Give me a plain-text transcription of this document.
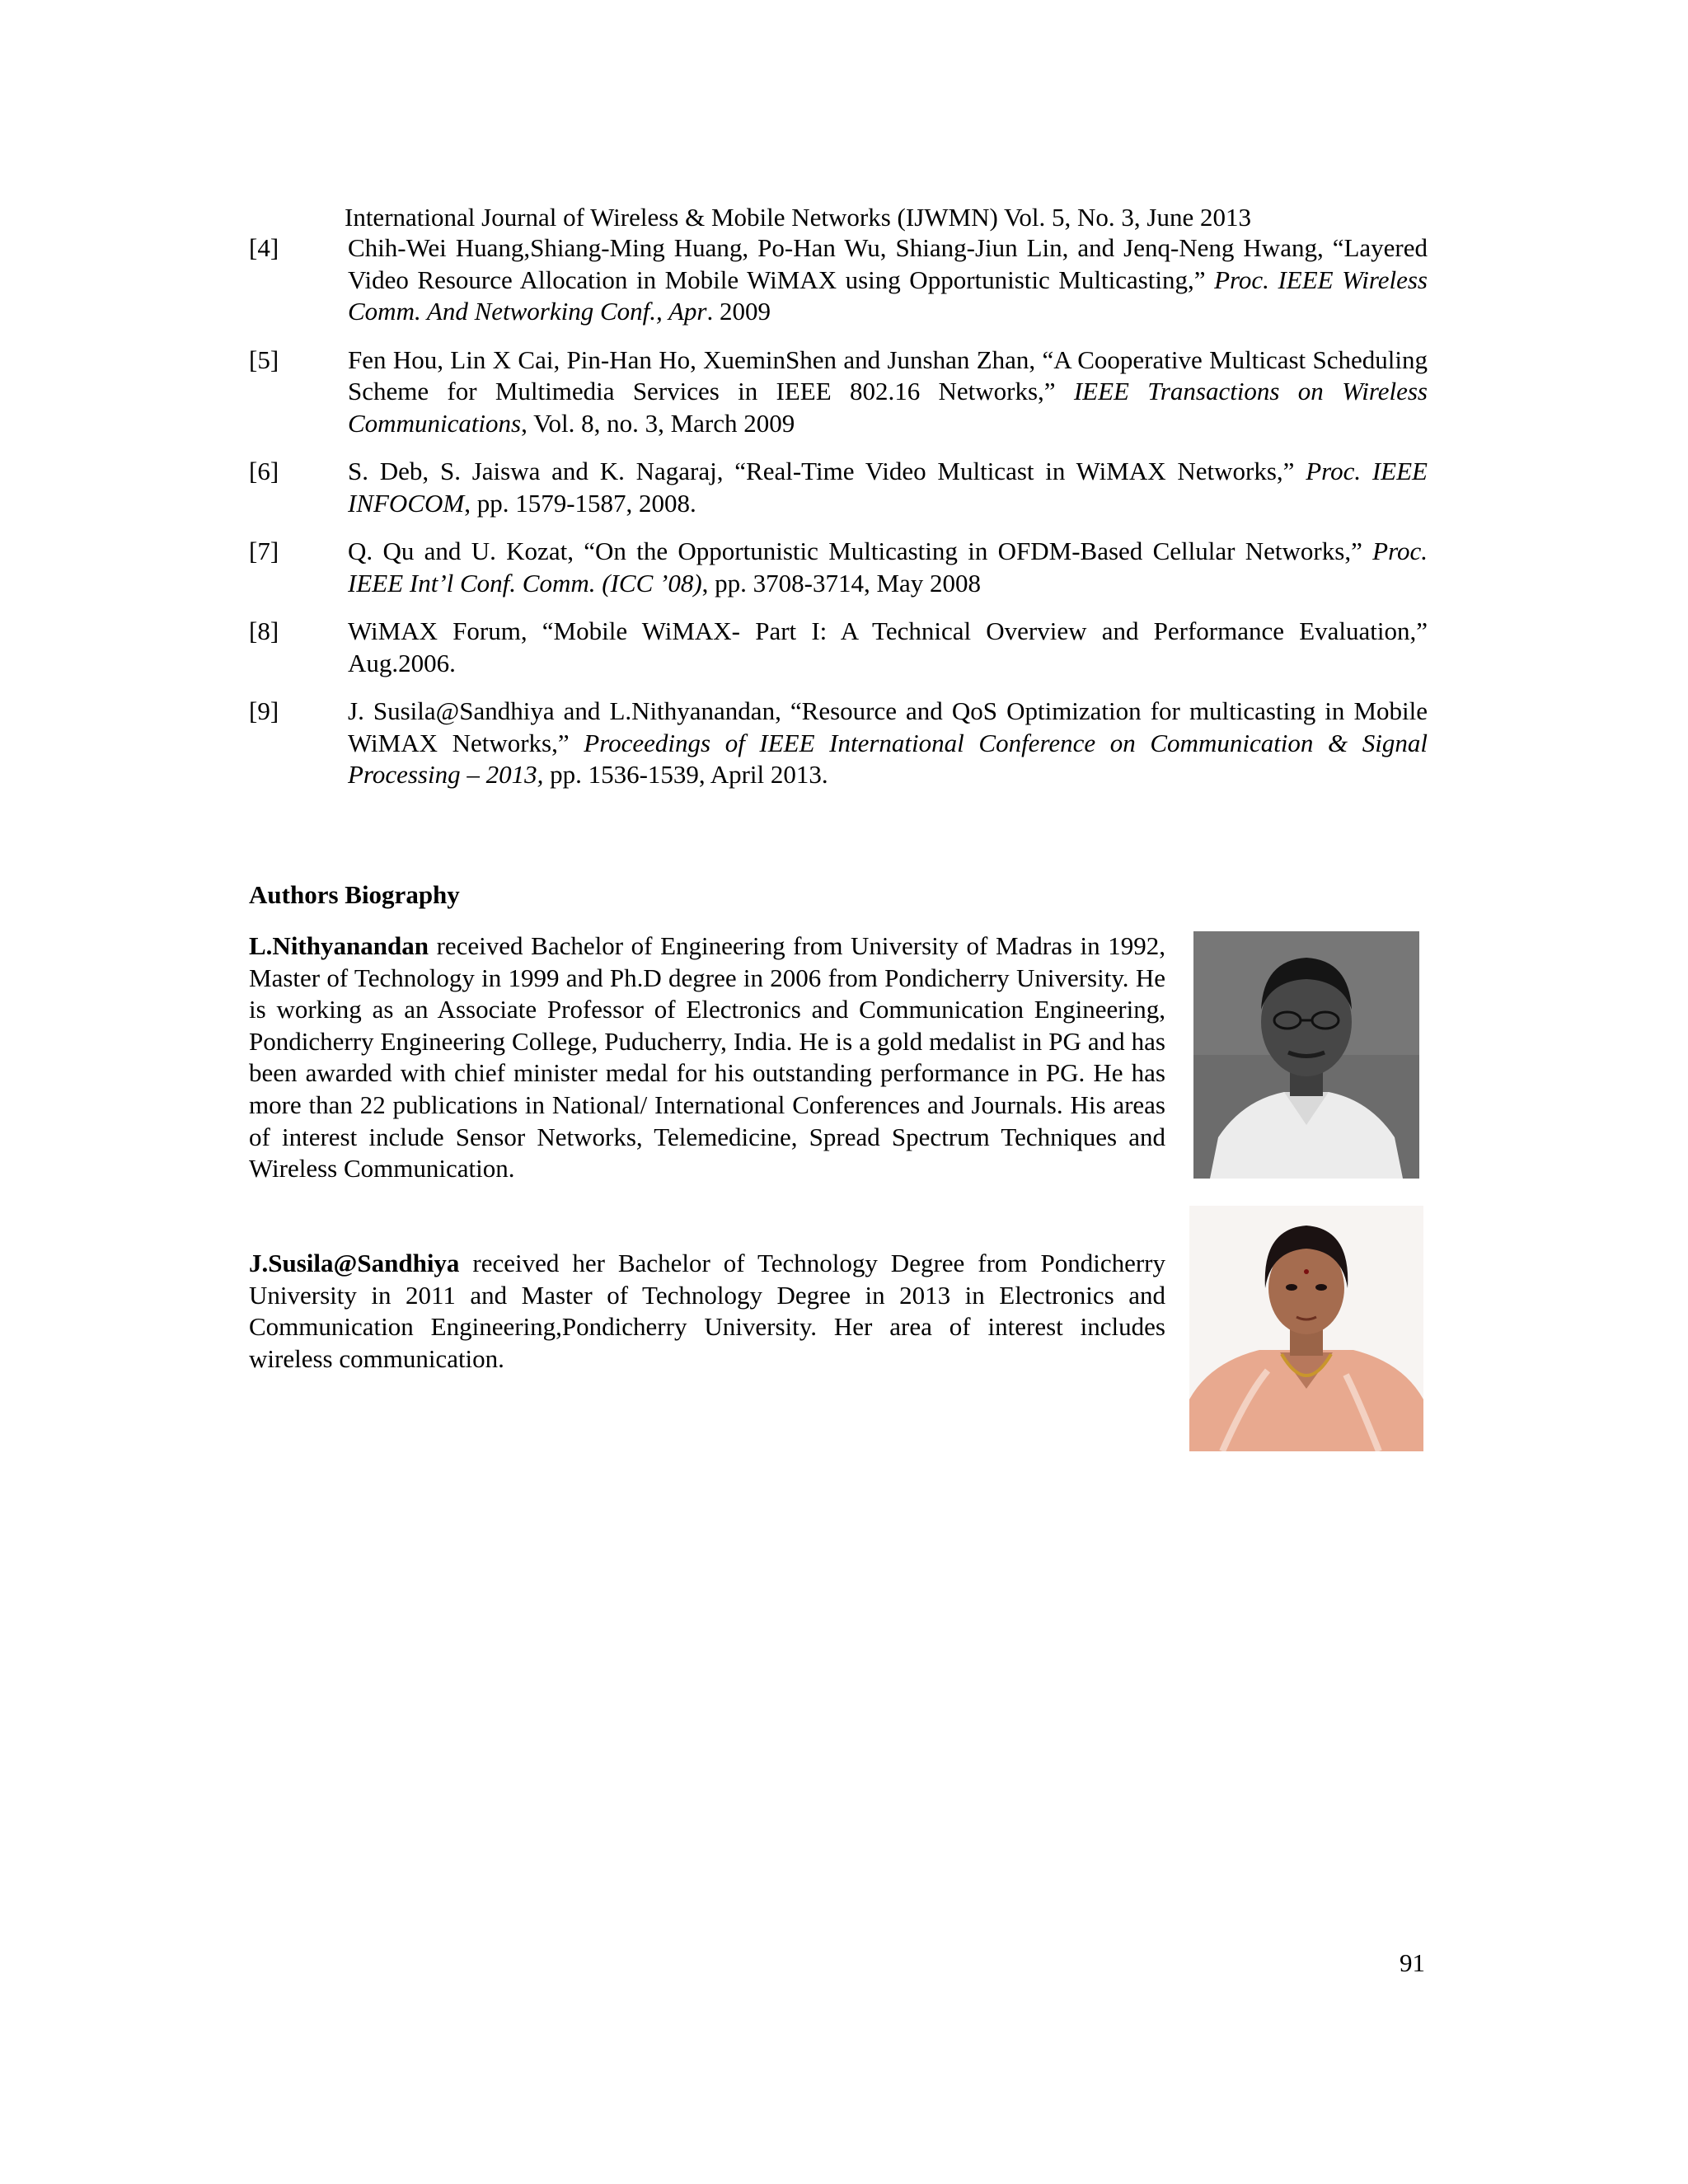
International Journal of Wireless & Mobile Networks (IJWMN) Vol. 5, No. 3, June 2013
[4]	Chih-Wei Huang,Shiang-Ming Huang, Po-Han Wu, Shiang-Jiun Lin, and Jenq-Neng Hwang, “Layered Video Resource Allocation in Mobile WiMAX using Opportunistic Multicasting,” Proc. IEEE Wireless Comm. And Networking Conf., Apr. 2009
[5]	Fen Hou, Lin X Cai, Pin-Han Ho, XueminShen and Junshan Zhan, “A Cooperative Multicast Scheduling Scheme for Multimedia Services in IEEE 802.16 Networks,” IEEE Transactions on Wireless Communications, Vol. 8, no. 3, March 2009
[6]	S. Deb, S. Jaiswa and K. Nagaraj, “Real-Time Video Multicast in WiMAX Networks,” Proc. IEEE INFOCOM, pp. 1579-1587, 2008.
[7]	Q. Qu and U. Kozat, “On the Opportunistic Multicasting in OFDM-Based Cellular Networks,” Proc. IEEE Int’l Conf. Comm. (ICC ’08), pp. 3708-3714, May 2008
[8]	WiMAX Forum, “Mobile WiMAX- Part I: A Technical Overview and Performance Evaluation,” Aug.2006.
[9]	J. Susila@Sandhiya and L.Nithyanandan, “Resource and QoS Optimization for multicasting in Mobile WiMAX Networks,” Proceedings of IEEE International Conference on Communication & Signal Processing – 2013, pp. 1536-1539, April 2013.
Authors Biography
L.Nithyanandan received Bachelor of Engineering from University of Madras in 1992, Master of Technology in 1999 and Ph.D degree in 2006 from Pondicherry University. He is working as an Associate Professor of Electronics and Communication Engineering, Pondicherry Engineering College, Puducherry, India. He is a gold medalist in PG and has been awarded with chief minister medal for his outstanding performance in PG. He has more than 22 publications in National/ International Conferences and Journals. His areas of interest include Sensor Networks, Telemedicine, Spread Spectrum Techniques and Wireless Communication.
J.Susila@Sandhiya received her Bachelor of Technology Degree from Pondicherry University in 2011 and Master of Technology Degree in 2013 in Electronics and Communication Engineering,Pondicherry University. Her area of interest includes wireless communication.
91
